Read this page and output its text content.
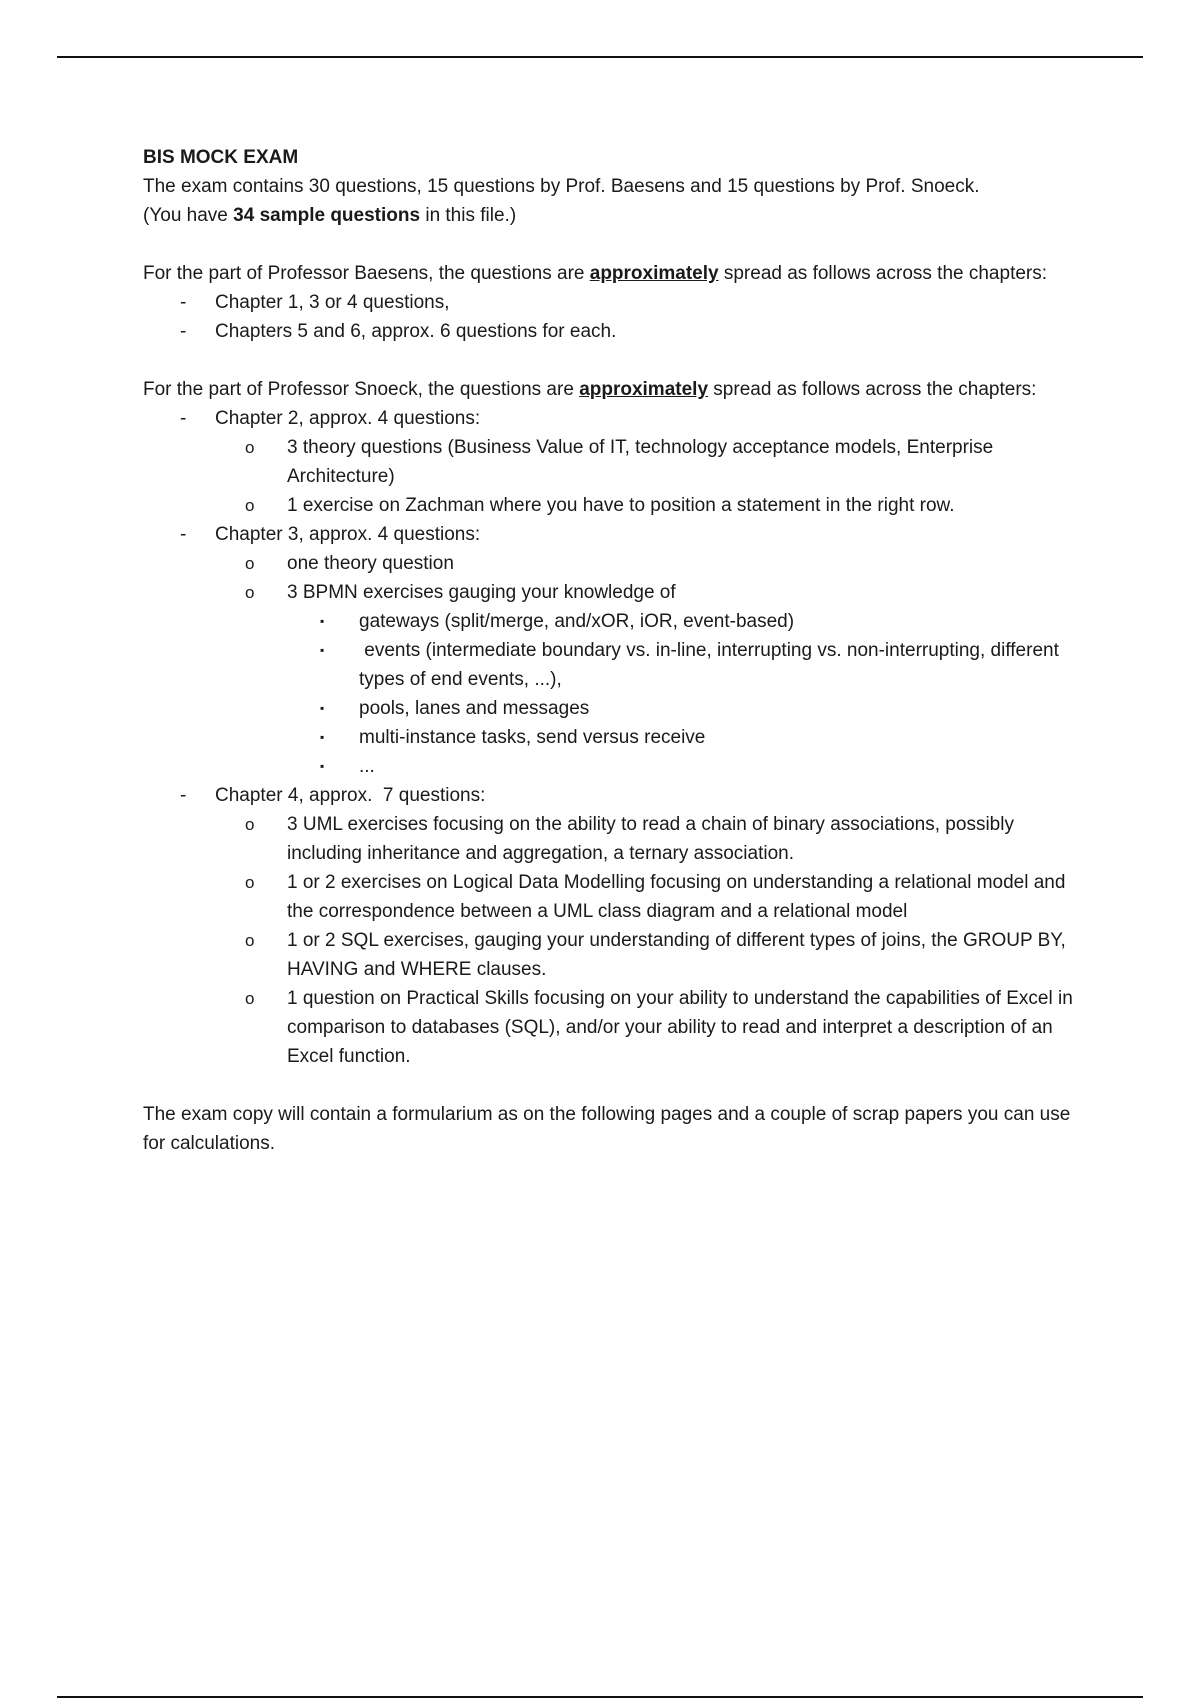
BIS MOCK EXAM

The exam contains 30 questions, 15 questions by Prof. Baesens and 15 questions by Prof. Snoeck.

(You have 34 sample questions in this file.)

For the part of Professor Baesens, the questions are approximately spread as follows across the chapters:

- Chapter 1, 3 or 4 questions,
- Chapters 5 and 6, approx. 6 questions for each.

For the part of Professor Snoeck, the questions are approximately spread as follows across the chapters:

- Chapter 2, approx. 4 questions:
o 3 theory questions (Business Value of IT, technology acceptance models, Enterprise Architecture)
o 1 exercise on Zachman where you have to position a statement in the right row.
- Chapter 3, approx. 4 questions:
o one theory question
o 3 BPMN exercises gauging your knowledge of
▪ gateways (split/merge, and/xOR, iOR, event-based)
▪ events (intermediate boundary vs. in-line, interrupting vs. non-interrupting, different types of end events, ...),
▪ pools, lanes and messages
▪ multi-instance tasks, send versus receive
▪ ...
- Chapter 4, approx.  7 questions:
o 3 UML exercises focusing on the ability to read a chain of binary associations, possibly including inheritance and aggregation, a ternary association.
o 1 or 2 exercises on Logical Data Modelling focusing on understanding a relational model and the correspondence between a UML class diagram and a relational model
o 1 or 2 SQL exercises, gauging your understanding of different types of joins, the GROUP BY, HAVING and WHERE clauses.
o 1 question on Practical Skills focusing on your ability to understand the capabilities of Excel in comparison to databases (SQL), and/or your ability to read and interpret a description of an Excel function.

The exam copy will contain a formularium as on the following pages and a couple of scrap papers you can use for calculations.
